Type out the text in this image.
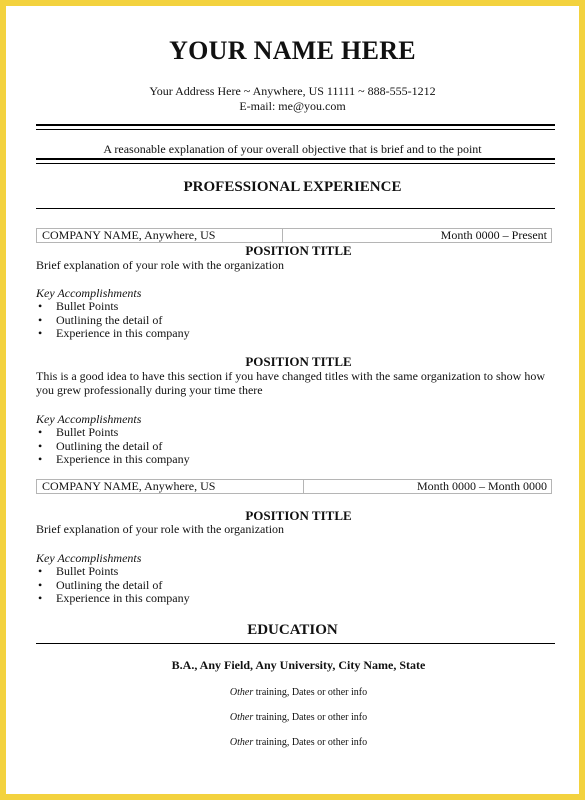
YOUR NAME HERE
Your Address Here ~ Anywhere, US 11111 ~ 888-555-1212
E-mail: me@you.com
A reasonable explanation of your overall objective that is brief and to the point
PROFESSIONAL EXPERIENCE
COMPANY NAME, Anywhere, US	Month 0000 – Present
POSITION TITLE
Brief explanation of your role with the organization
Key Accomplishments
• Bullet Points
• Outlining the detail of
• Experience in this company
POSITION TITLE
This is a good idea to have this section if you have changed titles with the same organization to show how
you grew professionally during your time there
Key Accomplishments
• Bullet Points
• Outlining the detail of
• Experience in this company
COMPANY NAME, Anywhere, US	Month 0000 – Month 0000
POSITION TITLE
Brief explanation of your role with the organization
Key Accomplishments
• Bullet Points
• Outlining the detail of
• Experience in this company
EDUCATION
B.A., Any Field, Any University, City Name, State
Other training, Dates or other info
Other training, Dates or other info
Other training, Dates or other info
